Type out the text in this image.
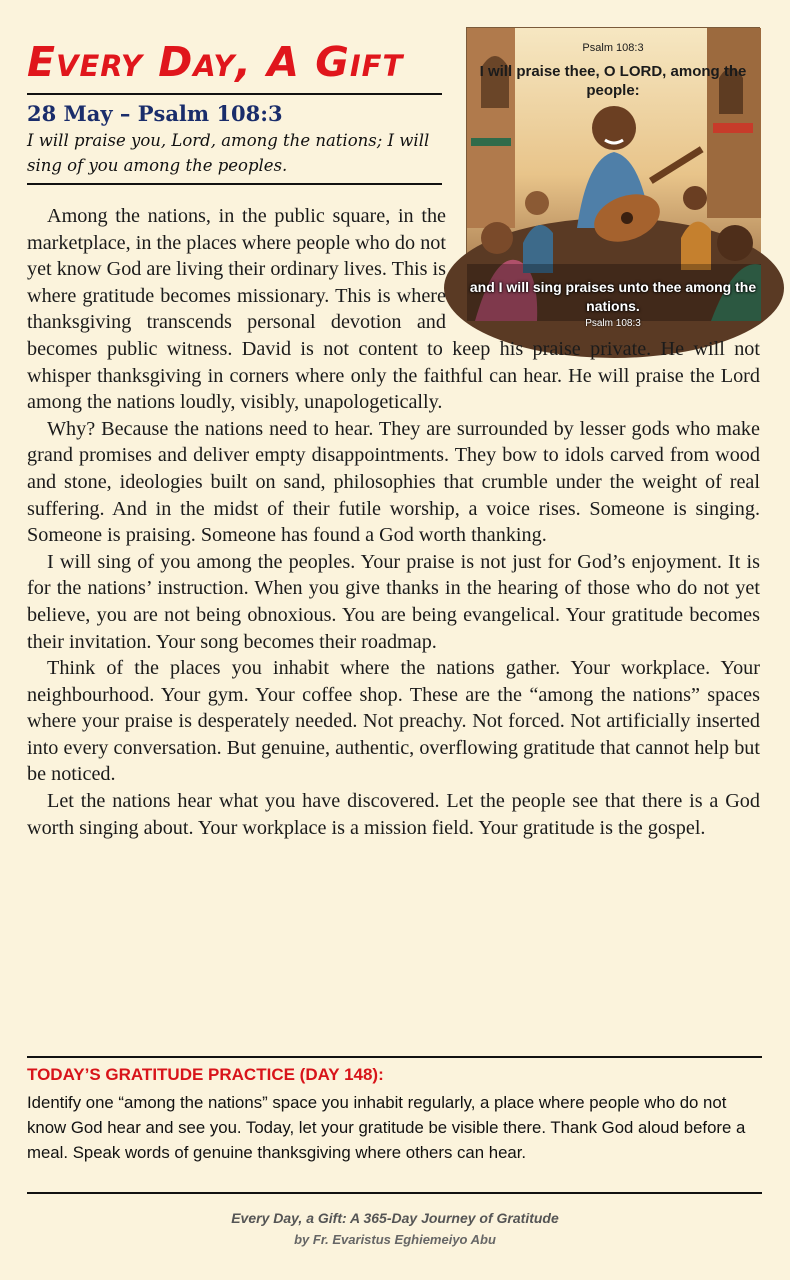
Every Day, A Gift
28 May – Psalm 108:3
I will praise you, Lord, among the nations; I will sing of you among the peoples.
Psalm 108:3
I will praise thee, O LORD, among the people:
and I will sing praises unto thee among the nations.
Psalm 108:3

Among the nations, in the public square, in the marketplace, in the places where people who do not yet know God are living their ordinary lives. This is where gratitude becomes missionary. This is where thanksgiving transcends personal devotion and becomes public witness. David is not content to keep his praise private. He will not whisper thanksgiving in corners where only the faithful can hear. He will praise the Lord among the nations loudly, visibly, unapologetically.

Why? Because the nations need to hear. They are surrounded by lesser gods who make grand promises and deliver empty disappointments. They bow to idols carved from wood and stone, ideologies built on sand, philosophies that crumble under the weight of real suffering. And in the midst of their futile worship, a voice rises. Someone is singing. Someone is praising. Someone has found a God worth thanking.

I will sing of you among the peoples. Your praise is not just for God’s enjoyment. It is for the nations’ instruction. When you give thanks in the hearing of those who do not yet believe, you are not being obnoxious. You are being evangelical. Your gratitude becomes their invitation. Your song becomes their roadmap.

Think of the places you inhabit where the nations gather. Your workplace. Your neighbourhood. Your gym. Your coffee shop. These are the “among the nations” spaces where your praise is desperately needed. Not preachy. Not forced. Not artificially inserted into every conversation. But genuine, authentic, overflowing gratitude that cannot help but be noticed.

Let the nations hear what you have discovered. Let the people see that there is a God worth singing about. Your workplace is a mission field. Your gratitude is the gospel.

TODAY’S GRATITUDE PRACTICE (DAY 148):
Identify one “among the nations” space you inhabit regularly, a place where people who do not know God hear and see you. Today, let your gratitude be visible there. Thank God aloud before a meal. Speak words of genuine thanksgiving where others can hear.
Every Day, a Gift: A 365-Day Journey of Gratitude
by Fr. Evaristus Eghiemeiyo Abu
